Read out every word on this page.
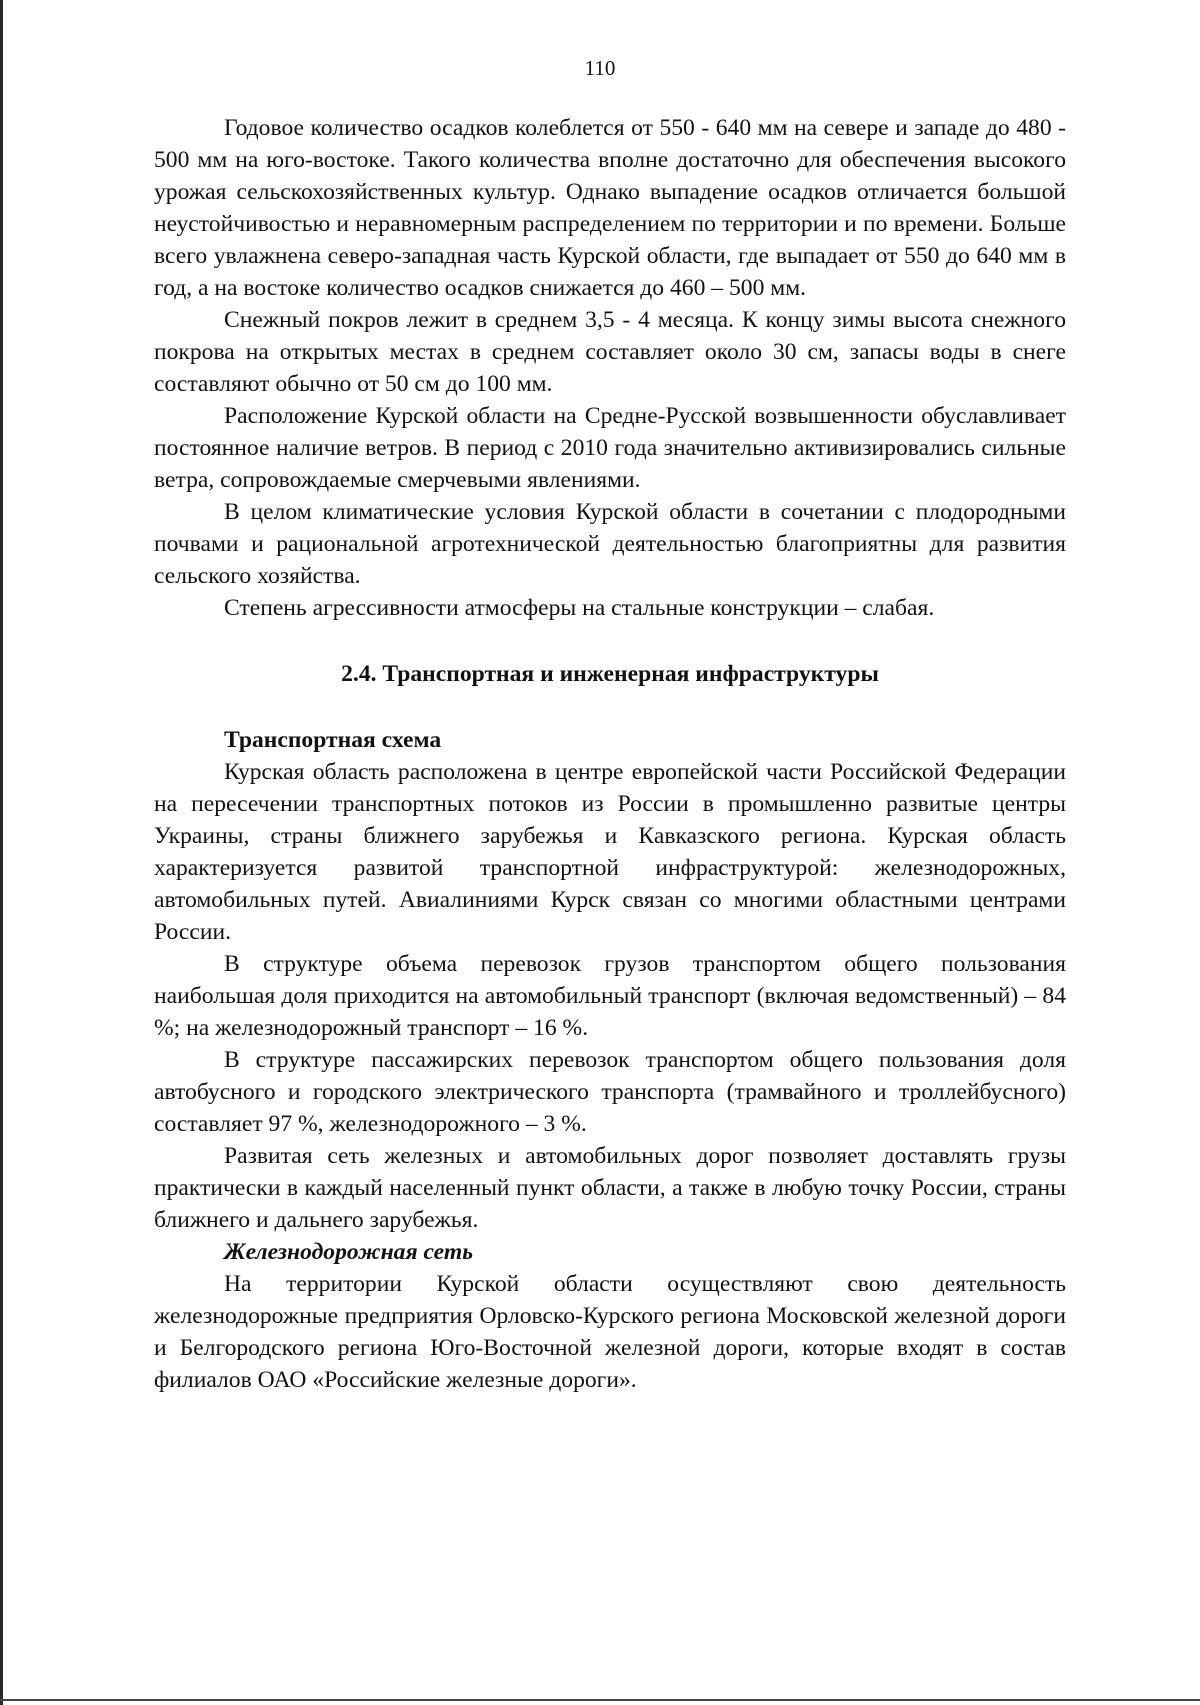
110

Годовое количество осадков колеблется от 550 - 640 мм на севере и западе до 480 - 500 мм на юго-востоке. Такого количества вполне достаточно для обеспечения высокого урожая сельскохозяйственных культур. Однако выпадение осадков отличается большой неустойчивостью и неравномерным распределением по территории и по времени. Больше всего увлажнена северо-западная часть Курской области, где выпадает от 550 до 640 мм в год, а на востоке количество осадков снижается до 460 – 500 мм.

Снежный покров лежит в среднем 3,5 - 4 месяца. К концу зимы высота снежного покрова на открытых местах в среднем составляет около 30 см, запасы воды в снеге составляют обычно от 50 см до 100 мм.

Расположение Курской области на Средне-Русской возвышенности обуславливает постоянное наличие ветров. В период с 2010 года значительно активизировались сильные ветра, сопровождаемые смерчевыми явлениями.

В целом климатические условия Курской области в сочетании с плодородными почвами и рациональной агротехнической деятельностью благоприятны для развития сельского хозяйства.

Степень агрессивности атмосферы на стальные конструкции – слабая.

2.4. Транспортная и инженерная инфраструктуры
Транспортная схема

Курская область расположена в центре европейской части Российской Федерации на пересечении транспортных потоков из России в промышленно развитые центры Украины, страны ближнего зарубежья и Кавказского региона. Курская область характеризуется развитой транспортной инфраструктурой: железнодорожных, автомобильных путей. Авиалиниями Курск связан со многими областными центрами России.

В структуре объема перевозок грузов транспортом общего пользования наибольшая доля приходится на автомобильный транспорт (включая ведомственный) – 84 %; на железнодорожный транспорт – 16 %.

В структуре пассажирских перевозок транспортом общего пользования доля автобусного и городского электрического транспорта (трамвайного и троллейбусного) составляет 97 %, железнодорожного – 3 %.

Развитая сеть железных и автомобильных дорог позволяет доставлять грузы практически в каждый населенный пункт области, а также в любую точку России, страны ближнего и дальнего зарубежья.

Железнодорожная сеть

На территории Курской области осуществляют свою деятельность железнодорожные предприятия Орловско-Курского региона Московской железной дороги и Белгородского региона Юго-Восточной железной дороги, которые входят в состав филиалов ОАО «Российские железные дороги».
